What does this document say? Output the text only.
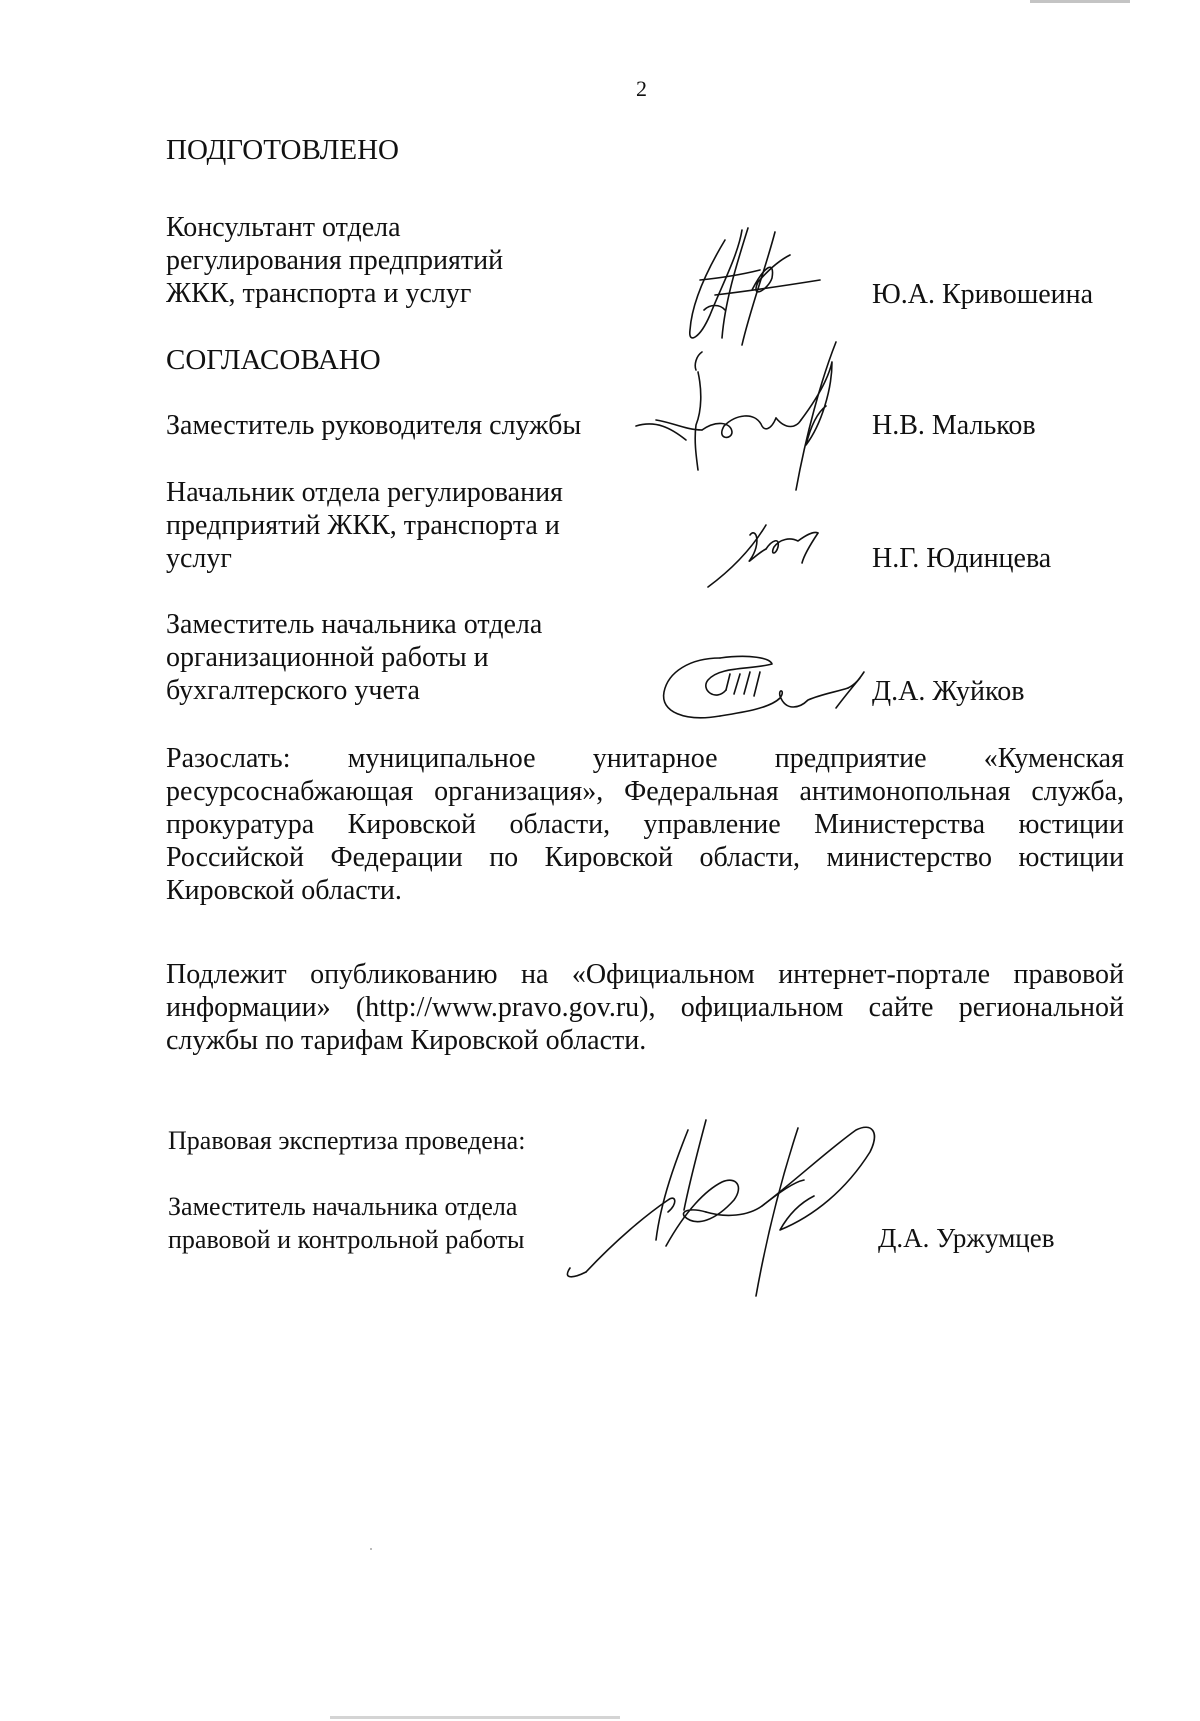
2
ПОДГОТОВЛЕНО
Консультант отдела
регулирования предприятий
ЖКК, транспорта и услуг	Ю.А. Кривошеина
СОГЛАСОВАНО
Заместитель руководителя службы	Н.В. Мальков
Начальник отдела регулирования
предприятий ЖКК, транспорта и
услуг	Н.Г. Юдинцева
Заместитель начальника отдела
организационной работы и
бухгалтерского учета	Д.А. Жуйков
Разослать: муниципальное унитарное предприятие «Куменская
ресурсоснабжающая организация», Федеральная антимонопольная служба,
прокуратура Кировской области, управление Министерства юстиции
Российской Федерации по Кировской области, министерство юстиции
Кировской области.
Подлежит опубликованию на «Официальном интернет-портале правовой
информации» (http://www.pravo.gov.ru), официальном сайте региональной
службы по тарифам Кировской области.
Правовая экспертиза проведена:
Заместитель начальника отдела
правовой и контрольной работы	Д.А. Уржумцев
